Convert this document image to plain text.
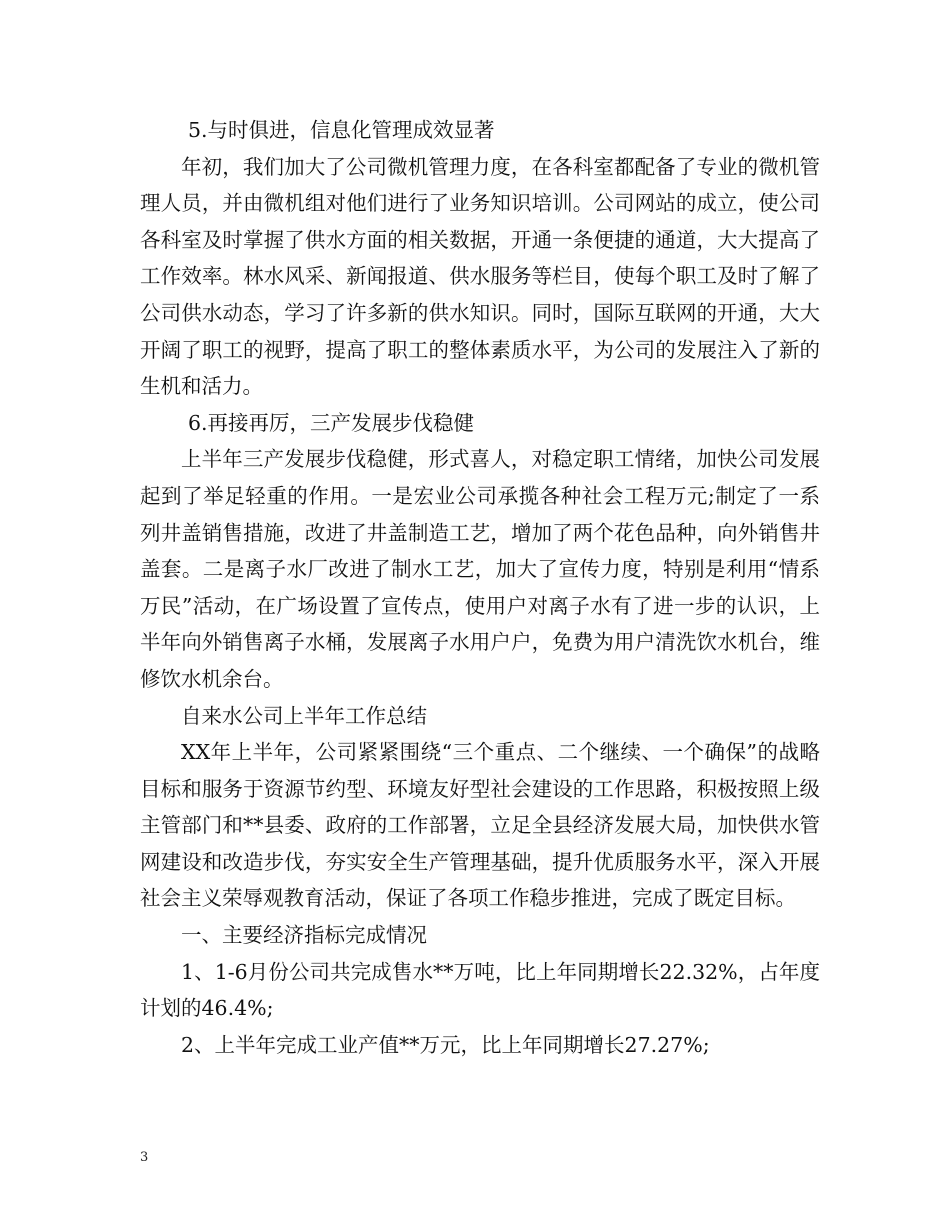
5.与时俱进，信息化管理成效显著

年初，我们加大了公司微机管理力度，在各科室都配备了专业的微机管理人员，并由微机组对他们进行了业务知识培训。公司网站的成立，使公司各科室及时掌握了供水方面的相关数据，开通一条便捷的通道，大大提高了工作效率。林水风采、新闻报道、供水服务等栏目，使每个职工及时了解了公司供水动态，学习了许多新的供水知识。同时，国际互联网的开通，大大开阔了职工的视野，提高了职工的整体素质水平，为公司的发展注入了新的生机和活力。

6.再接再厉，三产发展步伐稳健

上半年三产发展步伐稳健，形式喜人，对稳定职工情绪，加快公司发展起到了举足轻重的作用。一是宏业公司承揽各种社会工程万元;制定了一系列井盖销售措施，改进了井盖制造工艺，增加了两个花色品种，向外销售井盖套。二是离子水厂改进了制水工艺，加大了宣传力度，特别是利用“情系万民”活动，在广场设置了宣传点，使用户对离子水有了进一步的认识，上半年向外销售离子水桶，发展离子水用户户，免费为用户清洗饮水机台，维修饮水机余台。

自来水公司上半年工作总结

XX年上半年，公司紧紧围绕“三个重点、二个继续、一个确保”的战略目标和服务于资源节约型、环境友好型社会建设的工作思路，积极按照上级主管部门和**县委、政府的工作部署，立足全县经济发展大局，加快供水管网建设和改造步伐，夯实安全生产管理基础，提升优质服务水平，深入开展社会主义荣辱观教育活动，保证了各项工作稳步推进，完成了既定目标。

一、主要经济指标完成情况

1、1-6月份公司共完成售水**万吨，比上年同期增长22.32%，占年度计划的46.4%;

2、上半年完成工业产值**万元，比上年同期增长27.27%;

3
